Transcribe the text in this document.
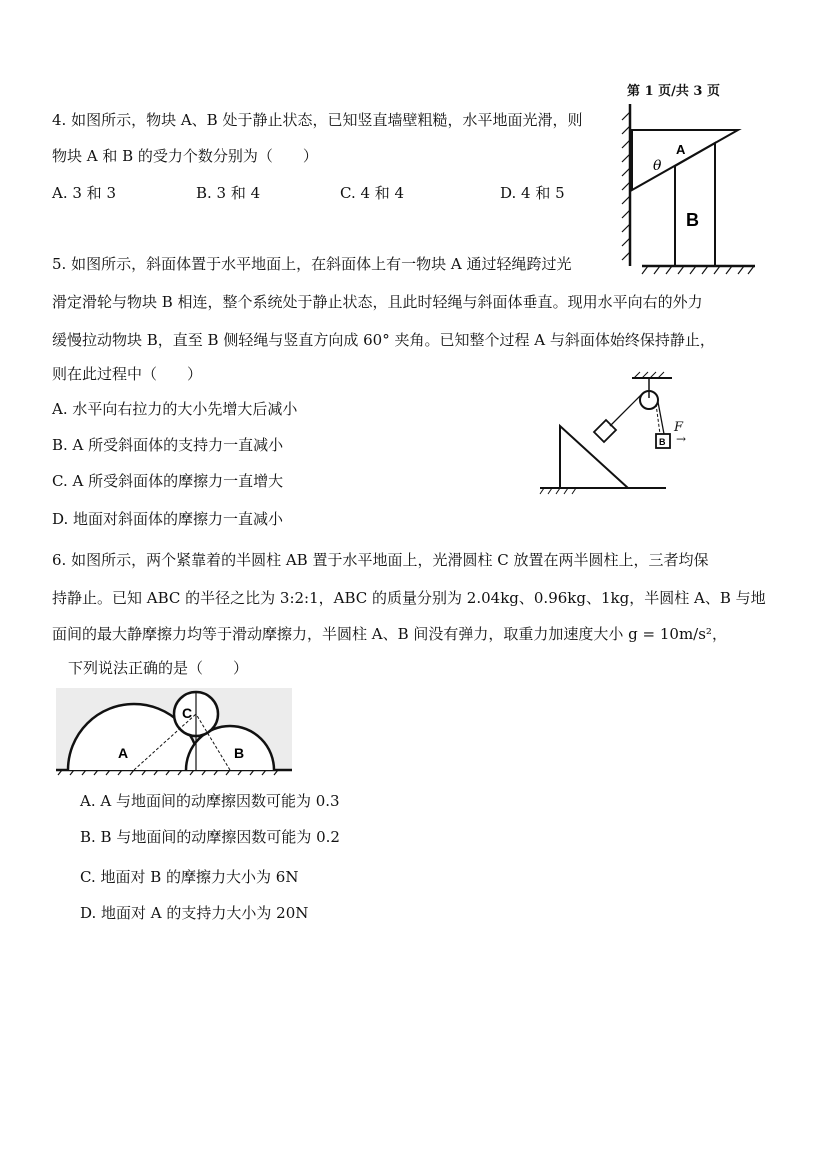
第 1 页/共 3 页
4. 如图所示，物块 A、B 处于静止状态，已知竖直墙壁粗糙，水平地面光滑，则
物块 A 和 B 的受力个数分别为（　　）
A. 3 和 3	B. 3 和 4	C. 4 和 4	D. 4 和 5
A
θ
B
5. 如图所示，斜面体置于水平地面上，在斜面体上有一物块 A 通过轻绳跨过光
滑定滑轮与物块 B 相连，整个系统处于静止状态，且此时轻绳与斜面体垂直。现用水平向右的外力
缓慢拉动物块 B，直至 B 侧轻绳与竖直方向成 60° 夹角。已知整个过程 A 与斜面体始终保持静止，
则在此过程中（　　）
A. 水平向右拉力的大小先增大后减小
B. A 所受斜面体的支持力一直减小
C. A 所受斜面体的摩擦力一直增大
D. 地面对斜面体的摩擦力一直减小
B
F
→
6. 如图所示，两个紧靠着的半圆柱 AB 置于水平地面上，光滑圆柱 C 放置在两半圆柱上，三者均保
持静止。已知 ABC 的半径之比为 3:2:1，ABC 的质量分别为 2.04kg、0.96kg、1kg，半圆柱 A、B 与地
面间的最大静摩擦力均等于滑动摩擦力，半圆柱 A、B 间没有弹力，取重力加速度大小 g = 10m/s²，
下列说法正确的是（　　）
A	B
C
A. A 与地面间的动摩擦因数可能为 0.3
B. B 与地面间的动摩擦因数可能为 0.2
C. 地面对 B 的摩擦力大小为 6N
D. 地面对 A 的支持力大小为 20N
